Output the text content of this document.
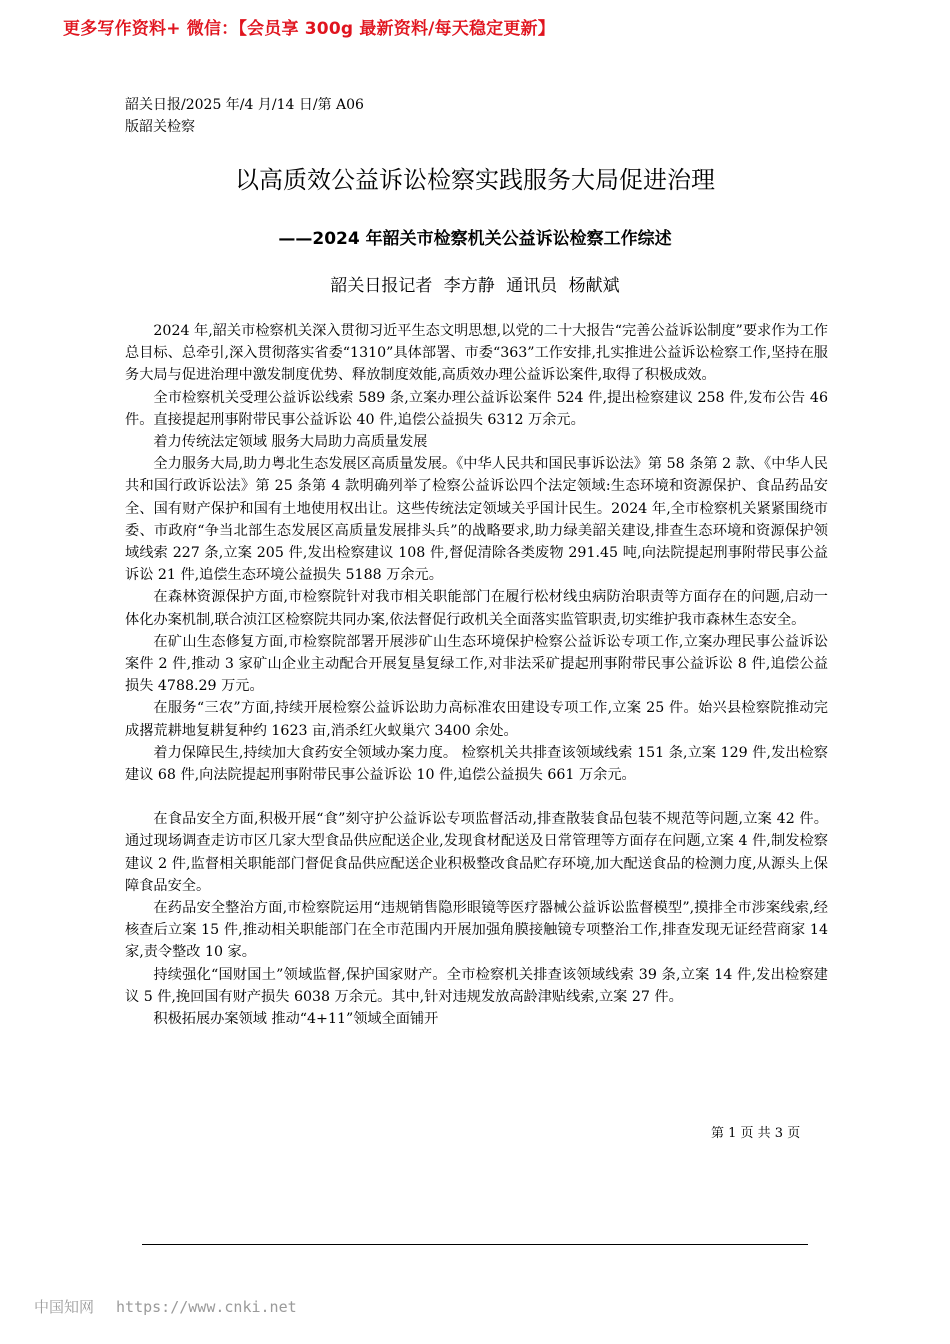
更多写作资料+ 微信：【会员享 300g 最新资料/每天稳定更新】
韶关日报/2025 年/4 月/14 日/第 A06
版韶关检察
以高质效公益诉讼检察实践服务大局促进治理
——2024 年韶关市检察机关公益诉讼检察工作综述
韶关日报记者 李方静 通讯员 杨献斌

2024 年,韶关市检察机关深入贯彻习近平生态文明思想,以党的二十大报告“完善公益诉讼制度”要求作为工作总目标、总牵引,深入贯彻落实省委“1310”具体部署、市委“363”工作安排,扎实推进公益诉讼检察工作,坚持在服务大局与促进治理中激发制度优势、释放制度效能,高质效办理公益诉讼案件,取得了积极成效。

全市检察机关受理公益诉讼线索 589 条,立案办理公益诉讼案件 524 件,提出检察建议 258 件,发布公告 46 件。直接提起刑事附带民事公益诉讼 40 件,追偿公益损失 6312 万余元。

着力传统法定领域 服务大局助力高质量发展

全力服务大局,助力粤北生态发展区高质量发展。《中华人民共和国民事诉讼法》第 58 条第 2 款、《中华人民共和国行政诉讼法》第 25 条第 4 款明确列举了检察公益诉讼四个法定领域:生态环境和资源保护、食品药品安全、国有财产保护和国有土地使用权出让。这些传统法定领域关乎国计民生。2024 年,全市检察机关紧紧围绕市委、市政府“争当北部生态发展区高质量发展排头兵”的战略要求,助力绿美韶关建设,排查生态环境和资源保护领域线索 227 条,立案 205 件,发出检察建议 108 件,督促清除各类废物 291.45 吨,向法院提起刑事附带民事公益诉讼 21 件,追偿生态环境公益损失 5188 万余元。

在森林资源保护方面,市检察院针对我市相关职能部门在履行松材线虫病防治职责等方面存在的问题,启动一体化办案机制,联合浈江区检察院共同办案,依法督促行政机关全面落实监管职责,切实维护我市森林生态安全。

在矿山生态修复方面,市检察院部署开展涉矿山生态环境保护检察公益诉讼专项工作,立案办理民事公益诉讼案件 2 件,推动 3 家矿山企业主动配合开展复垦复绿工作,对非法采矿提起刑事附带民事公益诉讼 8 件,追偿公益损失 4788.29 万元。

在服务“三农”方面,持续开展检察公益诉讼助力高标准农田建设专项工作,立案 25 件。始兴县检察院推动完成撂荒耕地复耕复种约 1623 亩,消杀红火蚁巢穴 3400 余处。

着力保障民生,持续加大食药安全领域办案力度。 检察机关共排查该领域线索 151 条,立案 129 件,发出检察建议 68 件,向法院提起刑事附带民事公益诉讼 10 件,追偿公益损失 661 万余元。

在食品安全方面,积极开展“食”刻守护公益诉讼专项监督活动,排查散装食品包装不规范等问题,立案 42 件。通过现场调查走访市区几家大型食品供应配送企业,发现食材配送及日常管理等方面存在问题,立案 4 件,制发检察建议 2 件,监督相关职能部门督促食品供应配送企业积极整改食品贮存环境,加大配送食品的检测力度,从源头上保障食品安全。

在药品安全整治方面,市检察院运用“违规销售隐形眼镜等医疗器械公益诉讼监督模型”,摸排全市涉案线索,经核查后立案 15 件,推动相关职能部门在全市范围内开展加强角膜接触镜专项整治工作,排查发现无证经营商家 14 家,责令整改 10 家。

持续强化“国财国土”领域监督,保护国家财产。全市检察机关排查该领域线索 39 条,立案 14 件,发出检察建议 5 件,挽回国有财产损失 6038 万余元。其中,针对违规发放高龄津贴线索,立案 27 件。

积极拓展办案领域 推动“4+11”领域全面铺开

第 1 页 共 3 页
中国知网 https://www.cnki.net
